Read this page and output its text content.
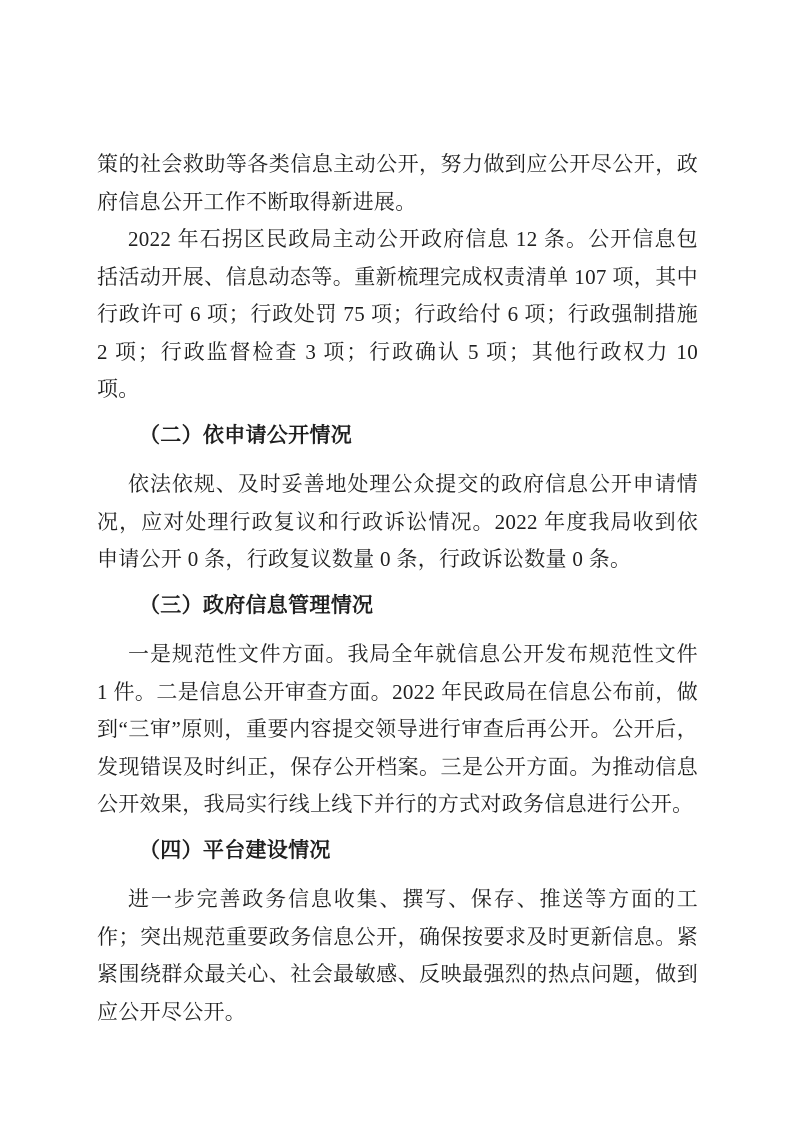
策的社会救助等各类信息主动公开，努力做到应公开尽公开，政府信息公开工作不断取得新进展。

2022 年石拐区民政局主动公开政府信息 12 条。公开信息包括活动开展、信息动态等。重新梳理完成权责清单 107 项，其中行政许可 6 项；行政处罚 75 项；行政给付 6 项；行政强制措施 2 项；行政监督检查 3 项；行政确认 5 项；其他行政权力 10 项。

（二）依申请公开情况

依法依规、及时妥善地处理公众提交的政府信息公开申请情况，应对处理行政复议和行政诉讼情况。2022 年度我局收到依申请公开 0 条，行政复议数量 0 条，行政诉讼数量 0 条。

（三）政府信息管理情况

一是规范性文件方面。我局全年就信息公开发布规范性文件 1 件。二是信息公开审查方面。2022 年民政局在信息公布前，做到“三审”原则，重要内容提交领导进行审查后再公开。公开后，发现错误及时纠正，保存公开档案。三是公开方面。为推动信息公开效果，我局实行线上线下并行的方式对政务信息进行公开。

（四）平台建设情况

进一步完善政务信息收集、撰写、保存、推送等方面的工作；突出规范重要政务信息公开，确保按要求及时更新信息。紧紧围绕群众最关心、社会最敏感、反映最强烈的热点问题，做到应公开尽公开。
